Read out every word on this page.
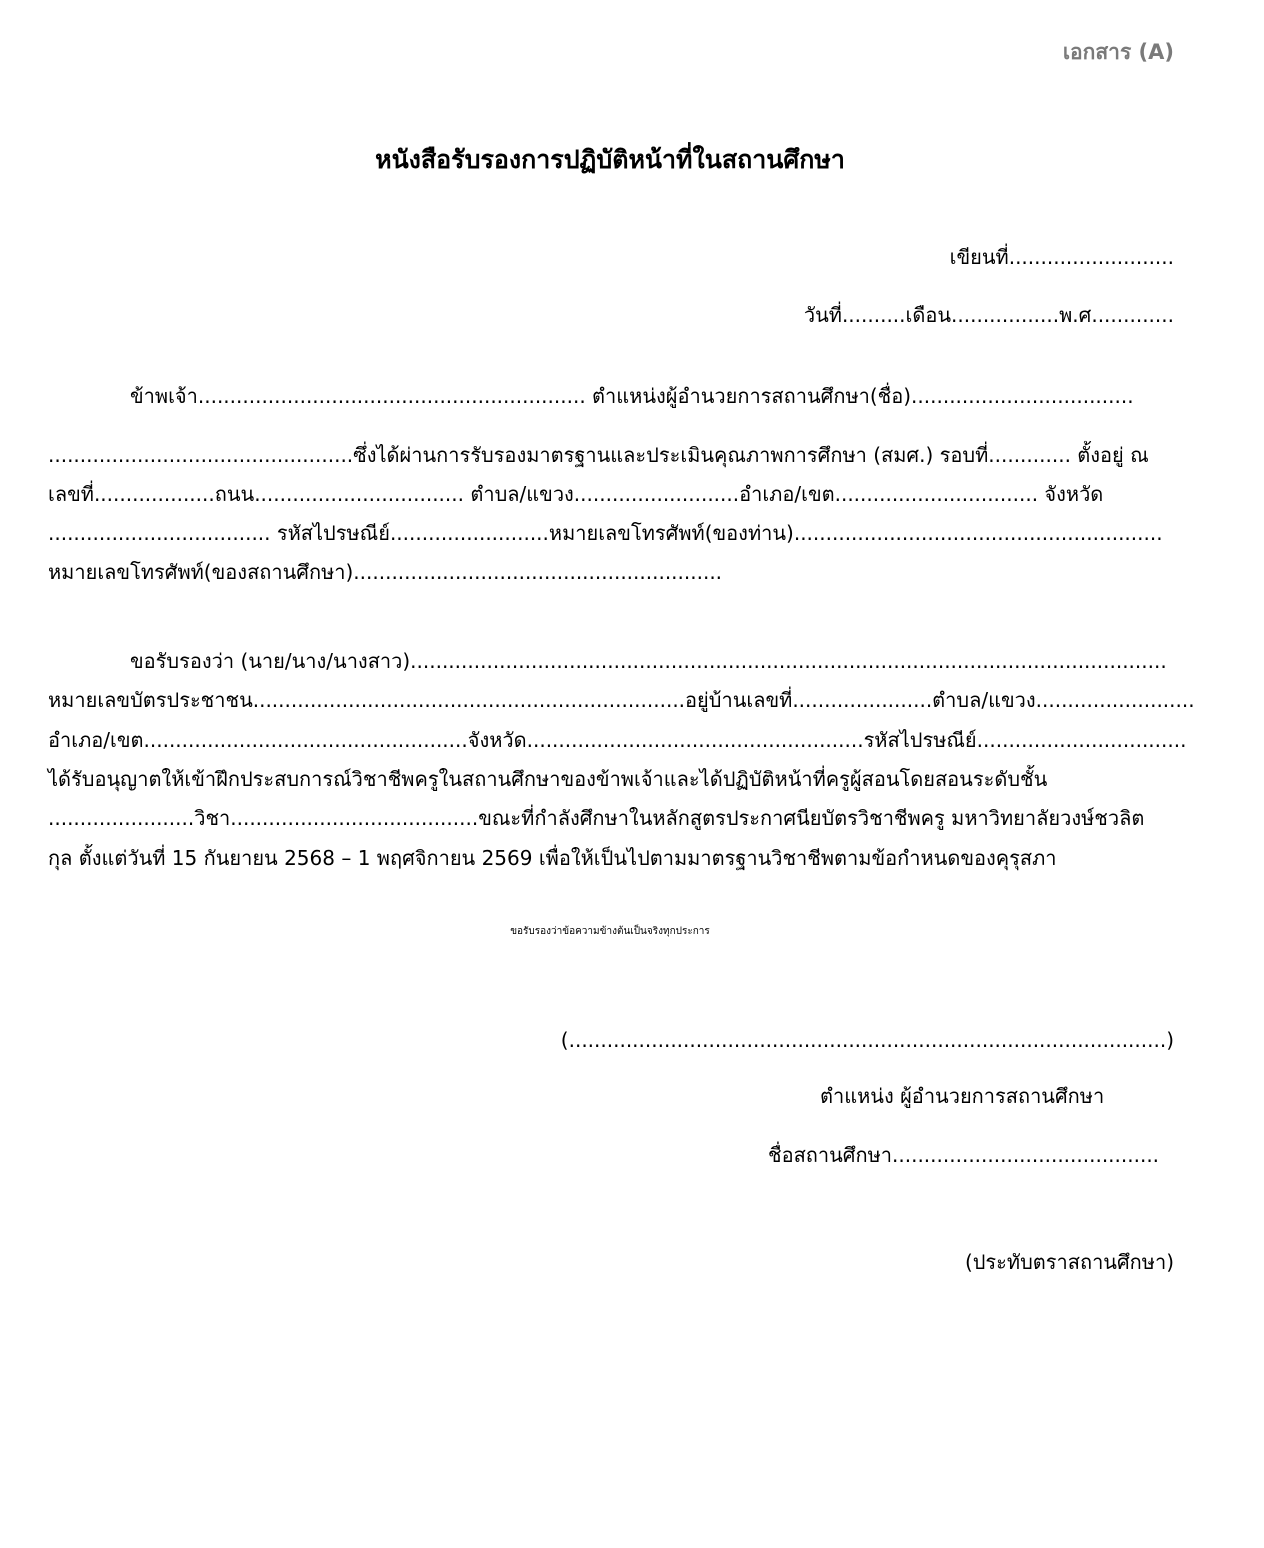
เอกสาร (A)
หนังสือรับรองการปฏิบัติหน้าที่ในสถานศึกษา
เขียนที่..........................
วันที่..........เดือน.................พ.ศ.............
ข้าพเจ้า............................................................. ตำแหน่งผู้อำนวยการสถานศึกษา(ชื่อ)...................................
................................................ซึ่งได้ผ่านการรับรองมาตรฐานและประเมินคุณภาพการศึกษา (สมศ.) รอบที่............. ตั้งอยู่ ณ
เลขที่...................ถนน................................. ตำบล/แขวง..........................อำเภอ/เขต................................ จังหวัด
................................... รหัสไปรษณีย์.........................หมายเลขโทรศัพท์(ของท่าน)..........................................................
หมายเลขโทรศัพท์(ของสถานศึกษา)..........................................................
ขอรับรองว่า (นาย/นาง/นางสาว).......................................................................................................................
หมายเลขบัตรประชาชน....................................................................อยู่บ้านเลขที่......................ตำบล/แขวง.........................
อำเภอ/เขต...................................................จังหวัด.....................................................รหัสไปรษณีย์.................................
ได้รับอนุญาตให้เข้าฝึกประสบการณ์วิชาชีพครูในสถานศึกษาของข้าพเจ้าและได้ปฏิบัติหน้าที่ครูผู้สอนโดยสอนระดับชั้น
.......................วิชา.......................................ขณะที่กำลังศึกษาในหลักสูตรประกาศนียบัตรวิชาชีพครู มหาวิทยาลัยวงษ์ชวลิต
กุล ตั้งแต่วันที่ 15 กันยายน 2568 – 1 พฤศจิกายน 2569 เพื่อให้เป็นไปตามมาตรฐานวิชาชีพตามข้อกำหนดของคุรุสภา
ขอรับรองว่าข้อความข้างต้นเป็นจริงทุกประการ
(..............................................................................................)
ตำแหน่ง ผู้อำนวยการสถานศึกษา
ชื่อสถานศึกษา..........................................
(ประทับตราสถานศึกษา)
